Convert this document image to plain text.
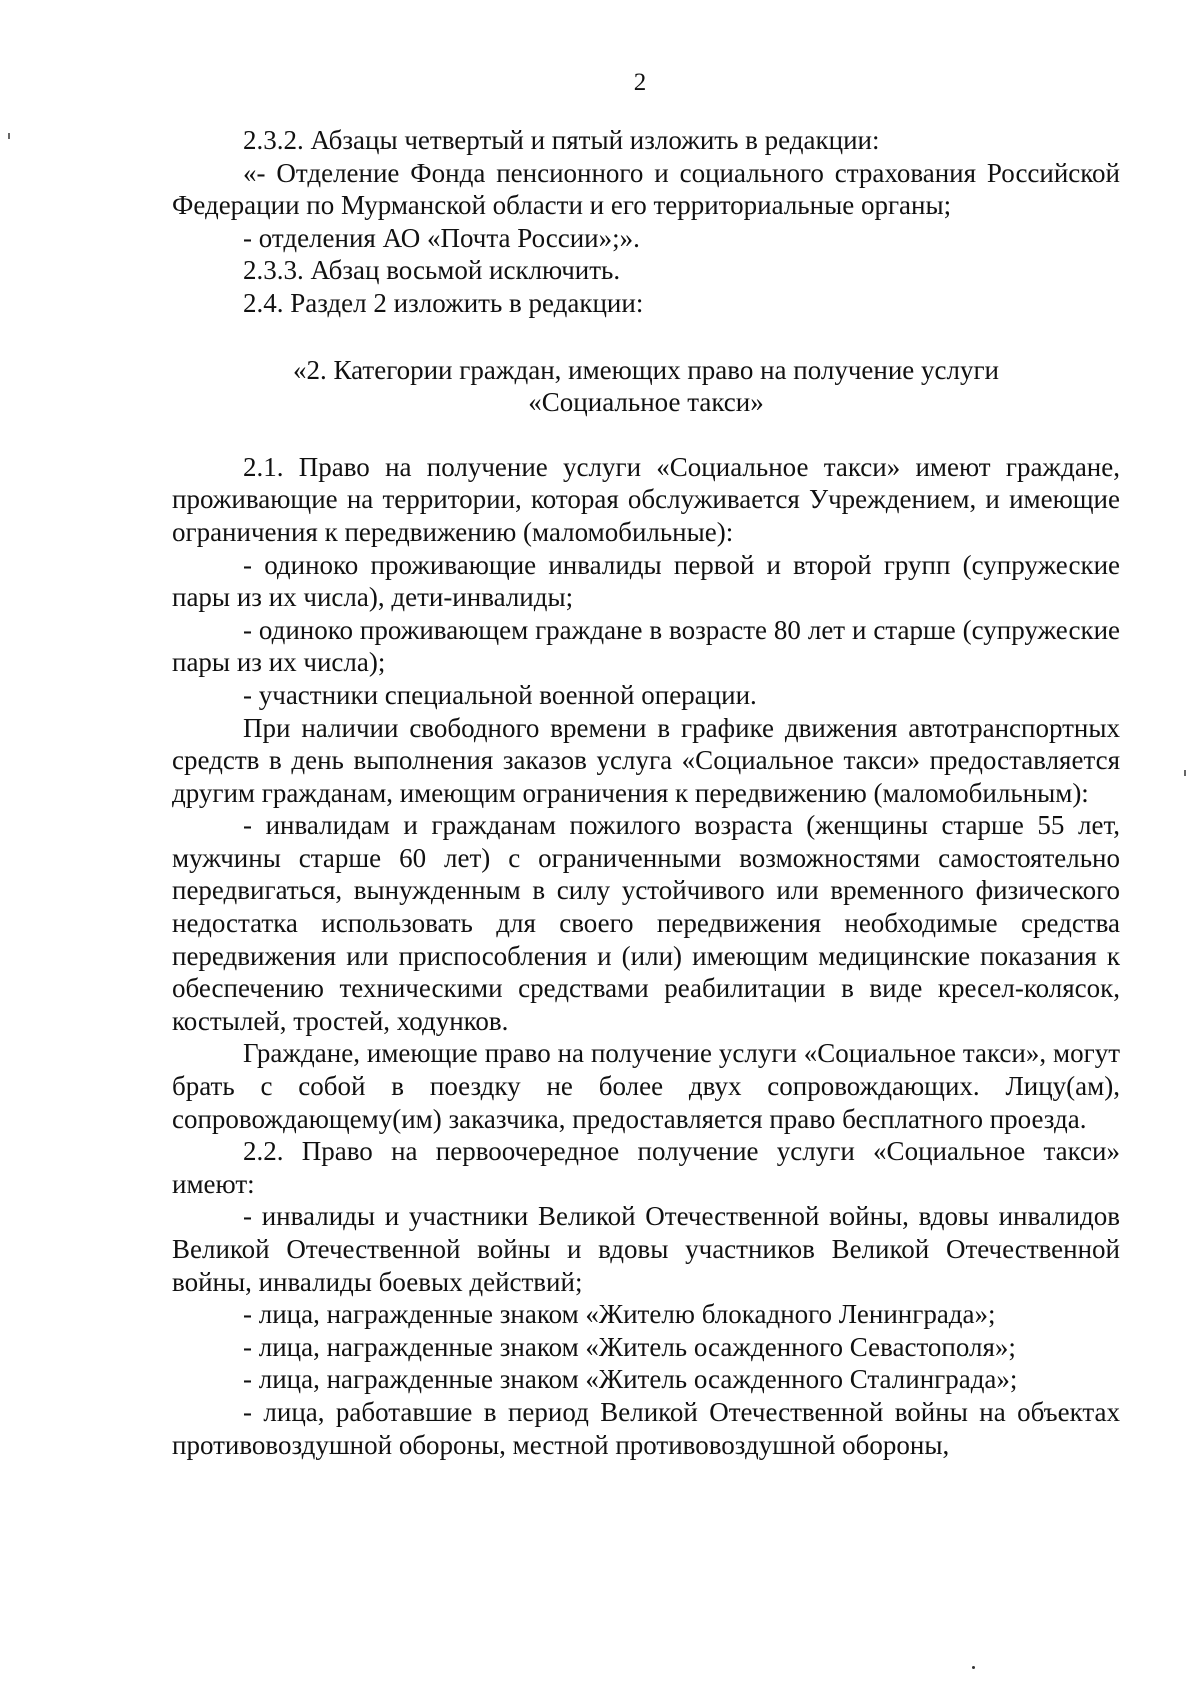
2

2.3.2. Абзацы четвертый и пятый изложить в редакции:

«- Отделение Фонда пенсионного и социального страхования Российской Федерации по Мурманской области и его территориальные органы;

- отделения АО «Почта России»;».

2.3.3. Абзац восьмой исключить.

2.4. Раздел 2 изложить в редакции:

«2. Категории граждан, имеющих право на получение услуги

«Социальное такси»

2.1. Право на получение услуги «Социальное такси» имеют граждане, проживающие на территории, которая обслуживается Учреждением, и имеющие ограничения к передвижению (маломобильные):

- одиноко проживающие инвалиды первой и второй групп (супружеские пары из их числа), дети-инвалиды;

- одиноко проживающем граждане в возрасте 80 лет и старше (супружеские пары из их числа);

- участники специальной военной операции.

При наличии свободного времени в графике движения автотранспортных средств в день выполнения заказов услуга «Социальное такси» предоставляется другим гражданам, имеющим ограничения к передвижению (маломобильным):

- инвалидам и гражданам пожилого возраста (женщины старше 55 лет, мужчины старше 60 лет) с ограниченными возможностями самостоятельно передвигаться, вынужденным в силу устойчивого или временного физического недостатка использовать для своего передвижения необходимые средства передвижения или приспособления и (или) имеющим медицинские показания к обеспечению техническими средствами реабилитации в виде кресел-колясок, костылей, тростей, ходунков.

Граждане, имеющие право на получение услуги «Социальное такси», могут брать с собой в поездку не более двух сопровождающих. Лицу(ам), сопровождающему(им) заказчика, предоставляется право бесплатного проезда.

2.2. Право на первоочередное получение услуги «Социальное такси» имеют:

- инвалиды и участники Великой Отечественной войны, вдовы инвалидов Великой Отечественной войны и вдовы участников Великой Отечественной войны, инвалиды боевых действий;

- лица, награжденные знаком «Жителю блокадного Ленинграда»;

- лица, награжденные знаком «Житель осажденного Севастополя»;

- лица, награжденные знаком «Житель осажденного Сталинграда»;

- лица, работавшие в период Великой Отечественной войны на объектах противовоздушной обороны, местной противовоздушной обороны,
